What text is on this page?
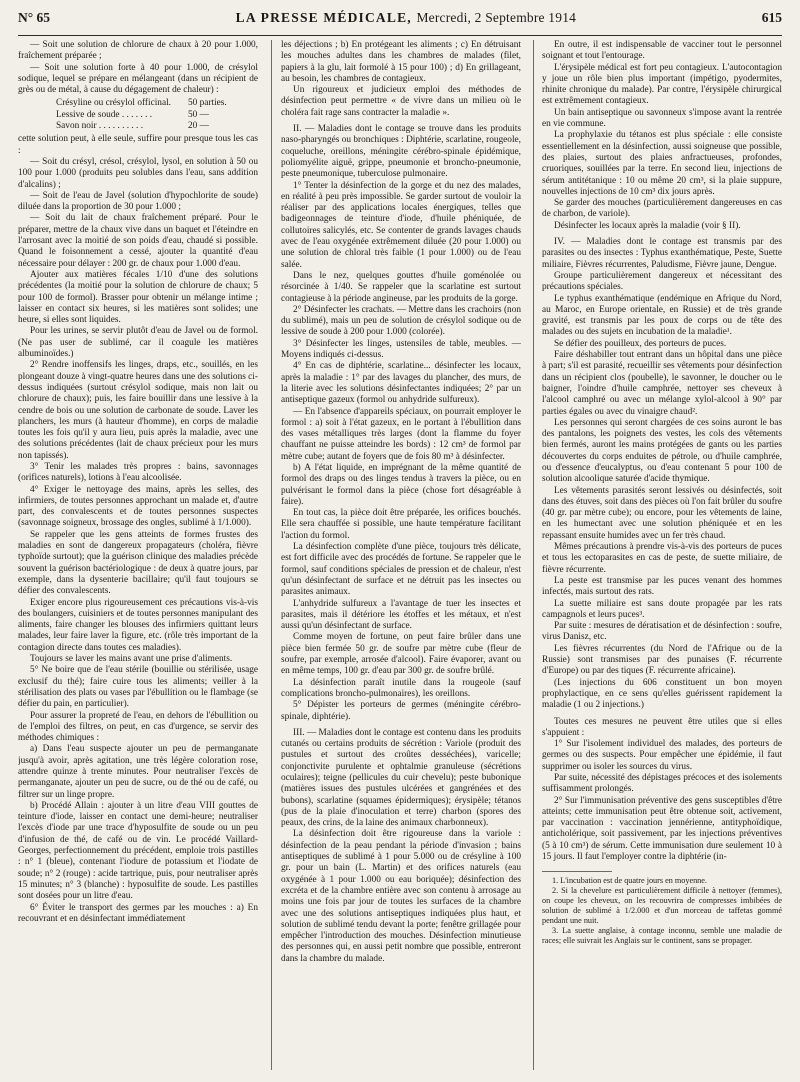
N° 65	LA PRESSE MÉDICALE, Mercredi, 2 Septembre 1914	615

— Soit une solution de chlorure de chaux à 20 pour 1.000, fraîchement préparée ;

— Soit une solution forte à 40 pour 1.000, de crésylol sodique, lequel se prépare en mélangeant (dans un récipient de grès ou de métal, à cause du dégagement de chaleur) :

Crésyline ou crésylol officinal.	50 parties.
Lessive de soude . . . . . . .	50 —
Savon noir . . . . . . . . . .	20 —

cette solution peut, à elle seule, suffire pour presque tous les cas :

— Soit du crésyl, crésol, crésylol, lysol, en solution à 50 ou 100 pour 1.000 (produits peu solubles dans l'eau, sans addition d'alcalins) ;

— Soit de l'eau de Javel (solution d'hypochlorite de soude) diluée dans la proportion de 30 pour 1.000 ;

— Soit du lait de chaux fraîchement préparé. Pour le préparer, mettre de la chaux vive dans un baquet et l'éteindre en l'arrosant avec la moitié de son poids d'eau, chaudé si possible. Quand le foisonnement a cessé, ajouter la quantité d'eau nécessaire pour délayer : 200 gr. de chaux pour 1.000 d'eau.

Ajouter aux matières fécales 1/10 d'une des solutions précédentes (la moitié pour la solution de chlorure de chaux; 5 pour 100 de formol). Brasser pour obtenir un mélange intime ; laisser en contact six heures, si les matières sont solides; une heure, si elles sont liquides.

Pour les urines, se servir plutôt d'eau de Javel ou de formol. (Ne pas user de sublimé, car il coagule les matières albuminoïdes.)

2° Rendre inoffensifs les linges, draps, etc., souillés, en les plongeant douze à vingt-quatre heures dans une des solutions ci-dessus indiquées (surtout crésylol sodique, mais non lait ou chlorure de chaux); puis, les faire bouillir dans une lessive à la cendre de bois ou une solution de carbonate de soude. Laver les planchers, les murs (à hauteur d'homme), en corps de maladie toutes les fois qu'il y aura lieu, puis après la maladie, avec une des solutions précédentes (lait de chaux précieux pour les murs non tapissés).

3° Tenir les malades très propres : bains, savonnages (orifices naturels), lotions à l'eau alcoolisée.

4° Exiger le nettoyage des mains, après les selles, des infirmiers, de toutes personnes approchant un malade et, d'autre part, des convalescents et de toutes personnes suspectes (savonnage soigneux, brossage des ongles, sublimé à 1/1.000).

Se rappeler que les gens atteints de formes frustes des maladies en sont de dangereux propagateurs (choléra, fièvre typhoïde surtout); que la guérison clinique des maladies précède souvent la guérison bactériologique : de deux à quatre jours, par exemple, dans la dysenterie bacillaire; qu'il faut toujours se défier des convalescents.

Exiger encore plus rigoureusement ces précautions vis-à-vis des boulangers, cuisiniers et de toutes personnes manipulant des aliments, faire changer les blouses des infirmiers quittant leurs malades, leur faire laver la figure, etc. (rôle très important de la contagion directe dans toutes ces maladies).

Toujours se laver les mains avant une prise d'aliments.

5° Ne boire que de l'eau stérile (bouillie ou stérilisée, usage exclusif du thé); faire cuire tous les aliments; veiller à la stérilisation des plats ou vases par l'ébullition ou le flambage (se défier du pain, en particulier).

Pour assurer la propreté de l'eau, en dehors de l'ébullition ou de l'emploi des filtres, on peut, en cas d'urgence, se servir des méthodes chimiques :

a) Dans l'eau suspecte ajouter un peu de permanganate jusqu'à avoir, après agitation, une très légère coloration rose, attendre quinze à trente minutes. Pour neutraliser l'excès de permanganate, ajouter un peu de sucre, ou de thé ou de café, ou filtrer sur un linge propre.

b) Procédé Allain : ajouter à un litre d'eau VIII gouttes de teinture d'iode, laisser en contact une demi-heure; neutraliser l'excès d'iode par une trace d'hyposulfite de soude ou un peu d'infusion de thé, de café ou de vin. Le procédé Vaillard-Georges, perfectionnement du précédent, emploie trois pastilles : n° 1 (bleue), contenant l'iodure de potassium et l'iodate de soude; n° 2 (rouge) : acide tartrique, puis, pour neutraliser après 15 minutes; n° 3 (blanche) : hyposulfite de soude. Les pastilles sont dosées pour un litre d'eau.

6° Éviter le transport des germes par les mouches : a) En recouvrant et en désinfectant immédiatement

les déjections ; b) En protégeant les aliments ; c) En détruisant les mouches adultes dans les chambres de malades (filet, papiers à la glu, lait formolé à 15 pour 100) ; d) En grillageant, au besoin, les chambres de contagieux.

Un rigoureux et judicieux emploi des méthodes de désinfection peut permettre « de vivre dans un milieu où le choléra fait rage sans contracter la maladie ».

II. — Maladies dont le contage se trouve dans les produits naso-pharyngés ou bronchiques : Diphtérie, scarlatine, rougeole, coqueluche, oreillons, méningite cérébro-spinale épidémique, poliomyélite aiguë, grippe, pneumonie et broncho-pneumonie, peste pneumonique, tuberculose pulmonaire.

1° Tenter la désinfection de la gorge et du nez des malades, en réalité à peu près impossible. Se garder surtout de vouloir la réaliser par des applications locales énergiques, telles que badigeonnages de teinture d'iode, d'huile phéniquée, de collutoires salicylés, etc. Se contenter de grands lavages chauds avec de l'eau oxygénée extrêmement diluée (20 pour 1.000) ou une solution de chloral très faible (1 pour 1.000) ou de l'eau salée.

Dans le nez, quelques gouttes d'huile goménolée ou résorcinée à 1/40. Se rappeler que la scarlatine est surtout contagieuse à la période angineuse, par les produits de la gorge.

2° Désinfecter les crachats. — Mettre dans les crachoirs (non du sublimé), mais un peu de solution de crésylol sodique ou de lessive de soude à 200 pour 1.000 (colorée).

3° Désinfecter les linges, ustensiles de table, meubles. — Moyens indiqués ci-dessus.

4° En cas de diphtérie, scarlatine... désinfecter les locaux, après la maladie : 1° par des lavages du plancher, des murs, de la literie avec les solutions désinfectantes indiquées; 2° par un antiseptique gazeux (formol ou anhydride sulfureux).

— En l'absence d'appareils spéciaux, on pourrait employer le formol : a) soit à l'état gazeux, en le portant à l'ébullition dans des vases métalliques très larges (dont la flamme du foyer chauffant ne puisse atteindre les bords) : 12 cm³ de formol par mètre cube; autant de foyers que de fois 80 m³ à désinfecter.

b) A l'état liquide, en imprégnant de la même quantité de formol des draps ou des linges tendus à travers la pièce, ou en pulvérisant le formol dans la pièce (chose fort désagréable à faire).

En tout cas, la pièce doit être préparée, les orifices bouchés. Elle sera chauffée si possible, une haute température facilitant l'action du formol.

La désinfection complète d'une pièce, toujours très délicate, est fort difficile avec des procédés de fortune. Se rappeler que le formol, sauf conditions spéciales de pression et de chaleur, n'est qu'un désinfectant de surface et ne détruit pas les insectes ou parasites animaux.

L'anhydride sulfureux a l'avantage de tuer les insectes et parasites, mais il détériore les étoffes et les métaux, et n'est aussi qu'un désinfectant de surface.

Comme moyen de fortune, on peut faire brûler dans une pièce bien fermée 50 gr. de soufre par mètre cube (fleur de soufre, par exemple, arrosée d'alcool). Faire évaporer, avant ou en même temps, 100 gr. d'eau par 300 gr. de soufre brûlé.

La désinfection paraît inutile dans la rougeole (sauf complications broncho-pulmonaires), les oreillons.

5° Dépister les porteurs de germes (méningite cérébro-spinale, diphtérie).

III. — Maladies dont le contage est contenu dans les produits cutanés ou certains produits de sécrétion : Variole (produit des pustules et surtout des croûtes desséchées), varicelle; conjonctivite purulente et ophtalmie granuleuse (sécrétions oculaires); teigne (pellicules du cuir chevelu); peste bubonique (matières issues des pustules ulcérées et gangrénées et des bubons), scarlatine (squames épidermiques); érysipèle; tétanos (pus de la plaie d'inoculation et terre) charbon (spores des peaux, des crins, de la laine des animaux charbonneux).

La désinfection doit être rigoureuse dans la variole : désinfection de la peau pendant la période d'invasion ; bains antiseptiques de sublimé à 1 pour 5.000 ou de crésyline à 100 gr. pour un bain (L. Martin) et des orifices naturels (eau oxygénée à 1 pour 1.000 ou eau boriquée); désinfection des excréta et de la chambre entière avec son contenu à arrosage au moins une fois par jour de toutes les surfaces de la chambre avec une des solutions antiseptiques indiquées plus haut, et solution de sublimé tendu devant la porte; fenêtre grillagée pour empêcher l'introduction des mouches. Désinfection minutieuse des personnes qui, en aussi petit nombre que possible, entreront dans la chambre du malade.

En outre, il est indispensable de vacciner tout le personnel soignant et tout l'entourage.

L'érysipèle médical est fort peu contagieux. L'autocontagion y joue un rôle bien plus important (impétigo, pyodermites, rhinite chronique du malade). Par contre, l'érysipèle chirurgical est extrêmement contagieux.

Un bain antiseptique ou savonneux s'impose avant la rentrée en vie commune.

La prophylaxie du tétanos est plus spéciale : elle consiste essentiellement en la désinfection, aussi soigneuse que possible, des plaies, surtout des plaies anfractueuses, profondes, cruoriques, souillées par la terre. En second lieu, injections de sérum antitétanique : 10 ou même 20 cm³, si la plaie suppure, nouvelles injections de 10 cm³ dix jours après.

Se garder des mouches (particulièrement dangereuses en cas de charbon, de variole).

Désinfecter les locaux après la maladie (voir § II).

IV. — Maladies dont le contage est transmis par des parasites ou des insectes : Typhus exanthématique, Peste, Suette miliaire, Fièvres récurrentes, Paludisme, Fièvre jaune, Dengue.

Groupe particulièrement dangereux et nécessitant des précautions spéciales.

Le typhus exanthématique (endémique en Afrique du Nord, au Maroc, en Europe orientale, en Russie) et de très grande gravité, est transmis par les poux de corps ou de tête des malades ou des sujets en incubation de la maladie¹.

Se défier des pouilleux, des porteurs de puces.

Faire déshabiller tout entrant dans un hôpital dans une pièce à part; s'il est parasité, recueillir ses vêtements pour désinfection dans un récipient clos (poubelle), le savonner, le doucher ou le baigner, l'oindre d'huile camphrée, nettoyer ses cheveux à l'alcool camphré ou avec un mélange xylol-alcool à 90° par parties égales ou avec du vinaigre chaud².

Les personnes qui seront chargées de ces soins auront le bas des pantalons, les poignets des vestes, les cols des vêtements bien fermés, auront les mains protégées de gants ou les parties découvertes du corps enduites de pétrole, ou d'huile camphrée, ou d'essence d'eucalyptus, ou d'eau contenant 5 pour 100 de solution alcoolique saturée d'acide thymique.

Les vêtements parasités seront lessivés ou désinfectés, soit dans des étuves, soit dans des pièces où l'on fait brûler du soufre (40 gr. par mètre cube); ou encore, pour les vêtements de laine, en les humectant avec une solution phéniquée et en les repassant ensuite humides avec un fer très chaud.

Mêmes précautions à prendre vis-à-vis des porteurs de puces et tous les ectoparasites en cas de peste, de suette miliaire, de fièvre récurrente.

La peste est transmise par les puces venant des hommes infectés, mais surtout des rats.

La suette miliaire est sans doute propagée par les rats campagnols et leurs puces³.

Par suite : mesures de dératisation et de désinfection : soufre, virus Danisz, etc.

Les fièvres récurrentes (du Nord de l'Afrique ou de la Russie) sont transmises par des punaises (F. récurrente d'Europe) ou par des tiques (F. récurrente africaine).

(Les injections du 606 constituent un bon moyen prophylactique, en ce sens qu'elles guérissent rapidement la maladie (1 ou 2 injections.)

Toutes ces mesures ne peuvent être utiles que si elles s'appuient :

1° Sur l'isolement individuel des malades, des porteurs de germes ou des suspects. Pour empêcher une épidémie, il faut supprimer ou isoler les sources du virus.

Par suite, nécessité des dépistages précoces et des isolements suffisamment prolongés.

2° Sur l'immunisation préventive des gens susceptibles d'être atteints; cette immunisation peut être obtenue soit, activement, par vaccination : vaccination jennérienne, antityphoïdique, anticholérique, soit passivement, par les injections préventives (5 à 10 cm³) de sérum. Cette immunisation dure seulement 10 à 15 jours. Il faut l'employer contre la diphtérie (in-

1. L'incubation est de quatre jours en moyenne.

2. Si la chevelure est particulièrement difficile à nettoyer (femmes), on coupe les cheveux, on les recouvrira de compresses imbibées de solution de sublimé à 1/2.000 et d'un morceau de taffetas gommé pendant une nuit.

3. La suette anglaise, à contage inconnu, semble une maladie de races; elle suivrait les Anglais sur le continent, sans se propager.
